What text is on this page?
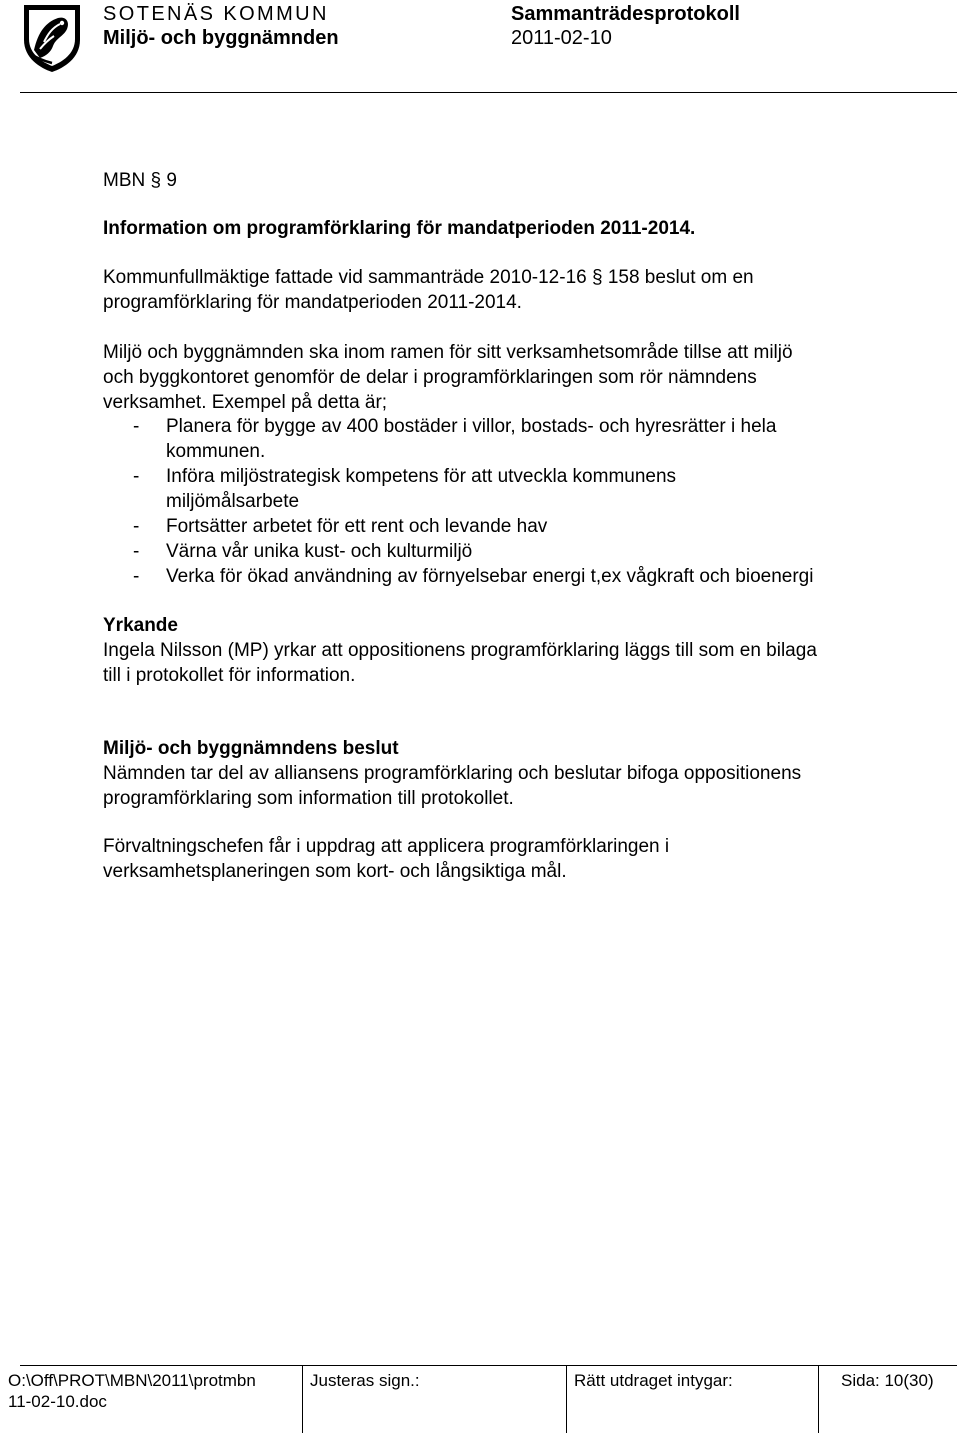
SOTENÄS KOMMUN
Miljö- och byggnämnden
Sammanträdesprotokoll
2011-02-10
MBN § 9
Information om programförklaring för mandatperioden 2011-2014.
Kommunfullmäktige fattade vid sammanträde 2010-12-16 § 158 beslut om en
programförklaring för mandatperioden 2011-2014.
Miljö och byggnämnden ska inom ramen för sitt verksamhetsområde tillse att miljö
och byggkontoret genomför de delar i programförklaringen som rör nämndens
verksamhet. Exempel på detta är;
- Planera för bygge av 400 bostäder i villor, bostads- och hyresrätter i hela
kommunen.
- Införa miljöstrategisk kompetens för att utveckla kommunens
miljömålsarbete
- Fortsätter arbetet för ett rent och levande hav
- Värna vår unika kust- och kulturmiljö
- Verka för ökad användning av förnyelsebar energi t,ex vågkraft och bioenergi
Yrkande
Ingela Nilsson (MP) yrkar att oppositionens programförklaring läggs till som en bilaga
till i protokollet för information.
Miljö- och byggnämndens beslut
Nämnden tar del av alliansens programförklaring och beslutar bifoga oppositionens
programförklaring som information till protokollet.
Förvaltningschefen får i uppdrag att applicera programförklaringen i
verksamhetsplaneringen som kort- och långsiktiga mål.
O:\Off\PROT\MBN\2011\protmbn
11-02-10.doc
Justeras sign.:	Rätt utdraget intygar:	Sida: 10(30)
